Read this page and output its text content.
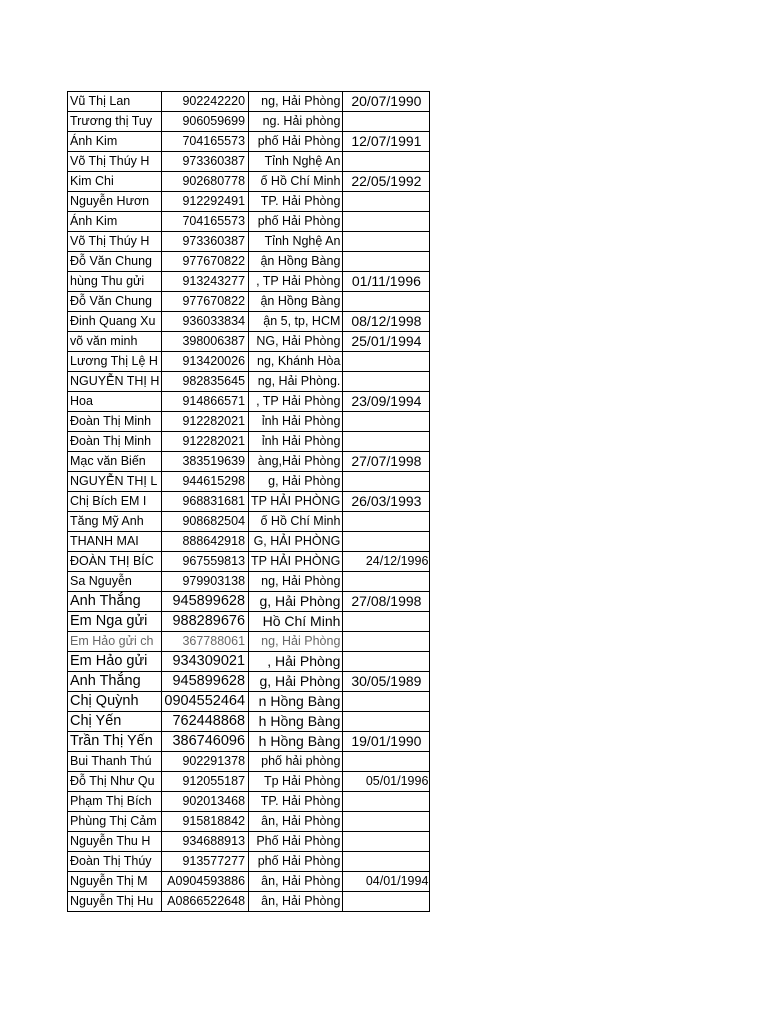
Vũ Thị Lan	902242220	ng, Hải Phòng	20/07/1990
Trương thị Tuy	906059699	ng. Hải phòng	
Ánh Kim	704165573	phố Hải Phòng	12/07/1991
Võ Thị Thúy H	973360387	Tỉnh Nghệ An	
Kim Chi	902680778	ố Hồ Chí Minh	22/05/1992
Nguyễn Hươn	912292491	TP. Hải Phòng	
Ánh Kim	704165573	phố Hải Phòng	
Võ Thị Thúy H	973360387	Tỉnh Nghệ An	
Đỗ Văn Chung	977670822	ận Hồng Bàng	
hùng Thu gửi	913243277	, TP Hải Phòng	01/11/1996
Đỗ Văn Chung	977670822	ận Hồng Bàng	
Đinh Quang Xu	936033834	ận 5, tp, HCM	08/12/1998
võ văn minh	398006387	NG, Hải Phòng	25/01/1994
Lương Thị Lệ H	913420026	ng, Khánh Hòa	
NGUYỄN THỊ H	982835645	ng, Hải Phòng.	
Hoa	914866571	, TP Hải Phòng	23/09/1994
Đoàn Thị Minh	912282021	ỉnh Hải Phòng	
Đoàn Thị Minh	912282021	ỉnh Hải Phòng	
Mạc văn Biến	383519639	àng,Hải Phòng	27/07/1998
NGUYỄN THỊ L	944615298	g, Hải Phòng	
Chị Bích EM I	968831681	TP HẢI PHÒNG	26/03/1993
Tăng Mỹ Anh	908682504	ố Hồ Chí Minh	
THANH MAI	888642918	G, HẢI PHÒNG	
ĐOÀN THỊ BÍC	967559813	TP HẢI PHÒNG	24/12/1996
Sa Nguyễn	979903138	ng, Hải Phòng	
Anh Thắng	945899628	g, Hải Phòng	27/08/1998
Em Nga gửi	988289676	Hồ Chí Minh	
Em Hảo gửi ch	367788061	ng, Hải Phòng	
Em Hảo gửi	934309021	, Hải Phòng	
Anh Thắng	945899628	g, Hải Phòng	30/05/1989
Chị Quỳnh	0904552464	n Hồng Bàng	
Chị Yến	762448868	h Hồng Bàng	
Trần Thị Yến	386746096	h Hồng Bàng	19/01/1990
Bui Thanh Thú	902291378	phố hải phòng	
Đỗ Thị Như Qu	912055187	Tp Hải Phòng	05/01/1996
Phạm Thị Bích	902013468	TP. Hải Phòng	
Phùng Thị Cảm	915818842	ân, Hải Phòng	
Nguyễn Thu H	934688913	Phố Hải Phòng	
Đoàn Thị Thúy	913577277	phố Hải Phòng	
Nguyễn Thị M	A0904593886	ân, Hải Phòng	04/01/1994
Nguyễn Thị Hu	A0866522648	ân, Hải Phòng	
